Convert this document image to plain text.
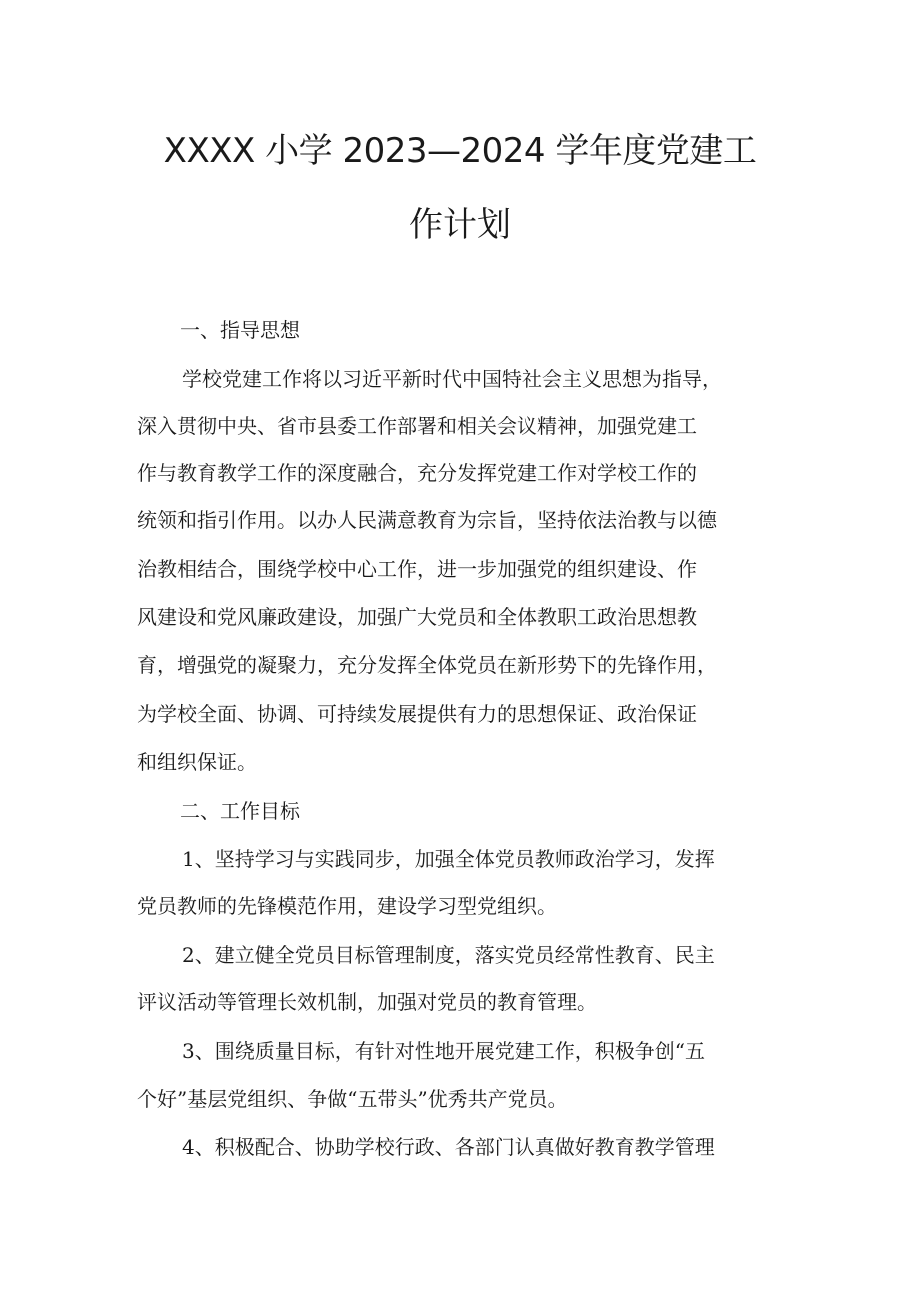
XXXX 小学 2023—2024 学年度党建工
作计划
一、指导思想

学校党建工作将以习近平新时代中国特社会主义思想为指导，

深入贯彻中央、省市县委工作部署和相关会议精神，加强党建工

作与教育教学工作的深度融合，充分发挥党建工作对学校工作的

统领和指引作用。以办人民满意教育为宗旨，坚持依法治教与以德

治教相结合，围绕学校中心工作，进一步加强党的组织建设、作

风建设和党风廉政建设，加强广大党员和全体教职工政治思想教

育，增强党的凝聚力，充分发挥全体党员在新形势下的先锋作用，

为学校全面、协调、可持续发展提供有力的思想保证、政治保证

和组织保证。

二、工作目标

1、坚持学习与实践同步，加强全体党员教师政治学习，发挥

党员教师的先锋模范作用，建设学习型党组织。

2、建立健全党员目标管理制度，落实党员经常性教育、民主

评议活动等管理长效机制，加强对党员的教育管理。

3、围绕质量目标，有针对性地开展党建工作，积极争创“五

个好”基层党组织、争做“五带头”优秀共产党员。

4、积极配合、协助学校行政、各部门认真做好教育教学管理
